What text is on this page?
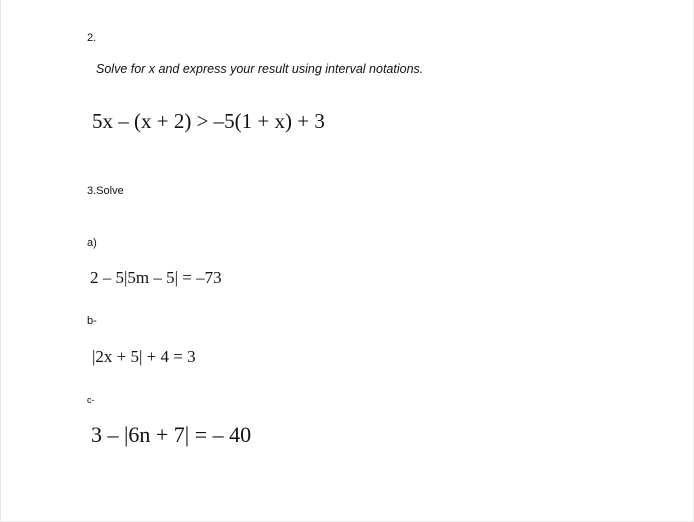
2.
Solve for x and express your result using interval notations.
5x – (x + 2) > –5(1 + x) + 3
3.Solve
a)
2 – 5|5m – 5| = –73
b-
|2x + 5| + 4 = 3
c-
3 – |6n + 7| = – 40
